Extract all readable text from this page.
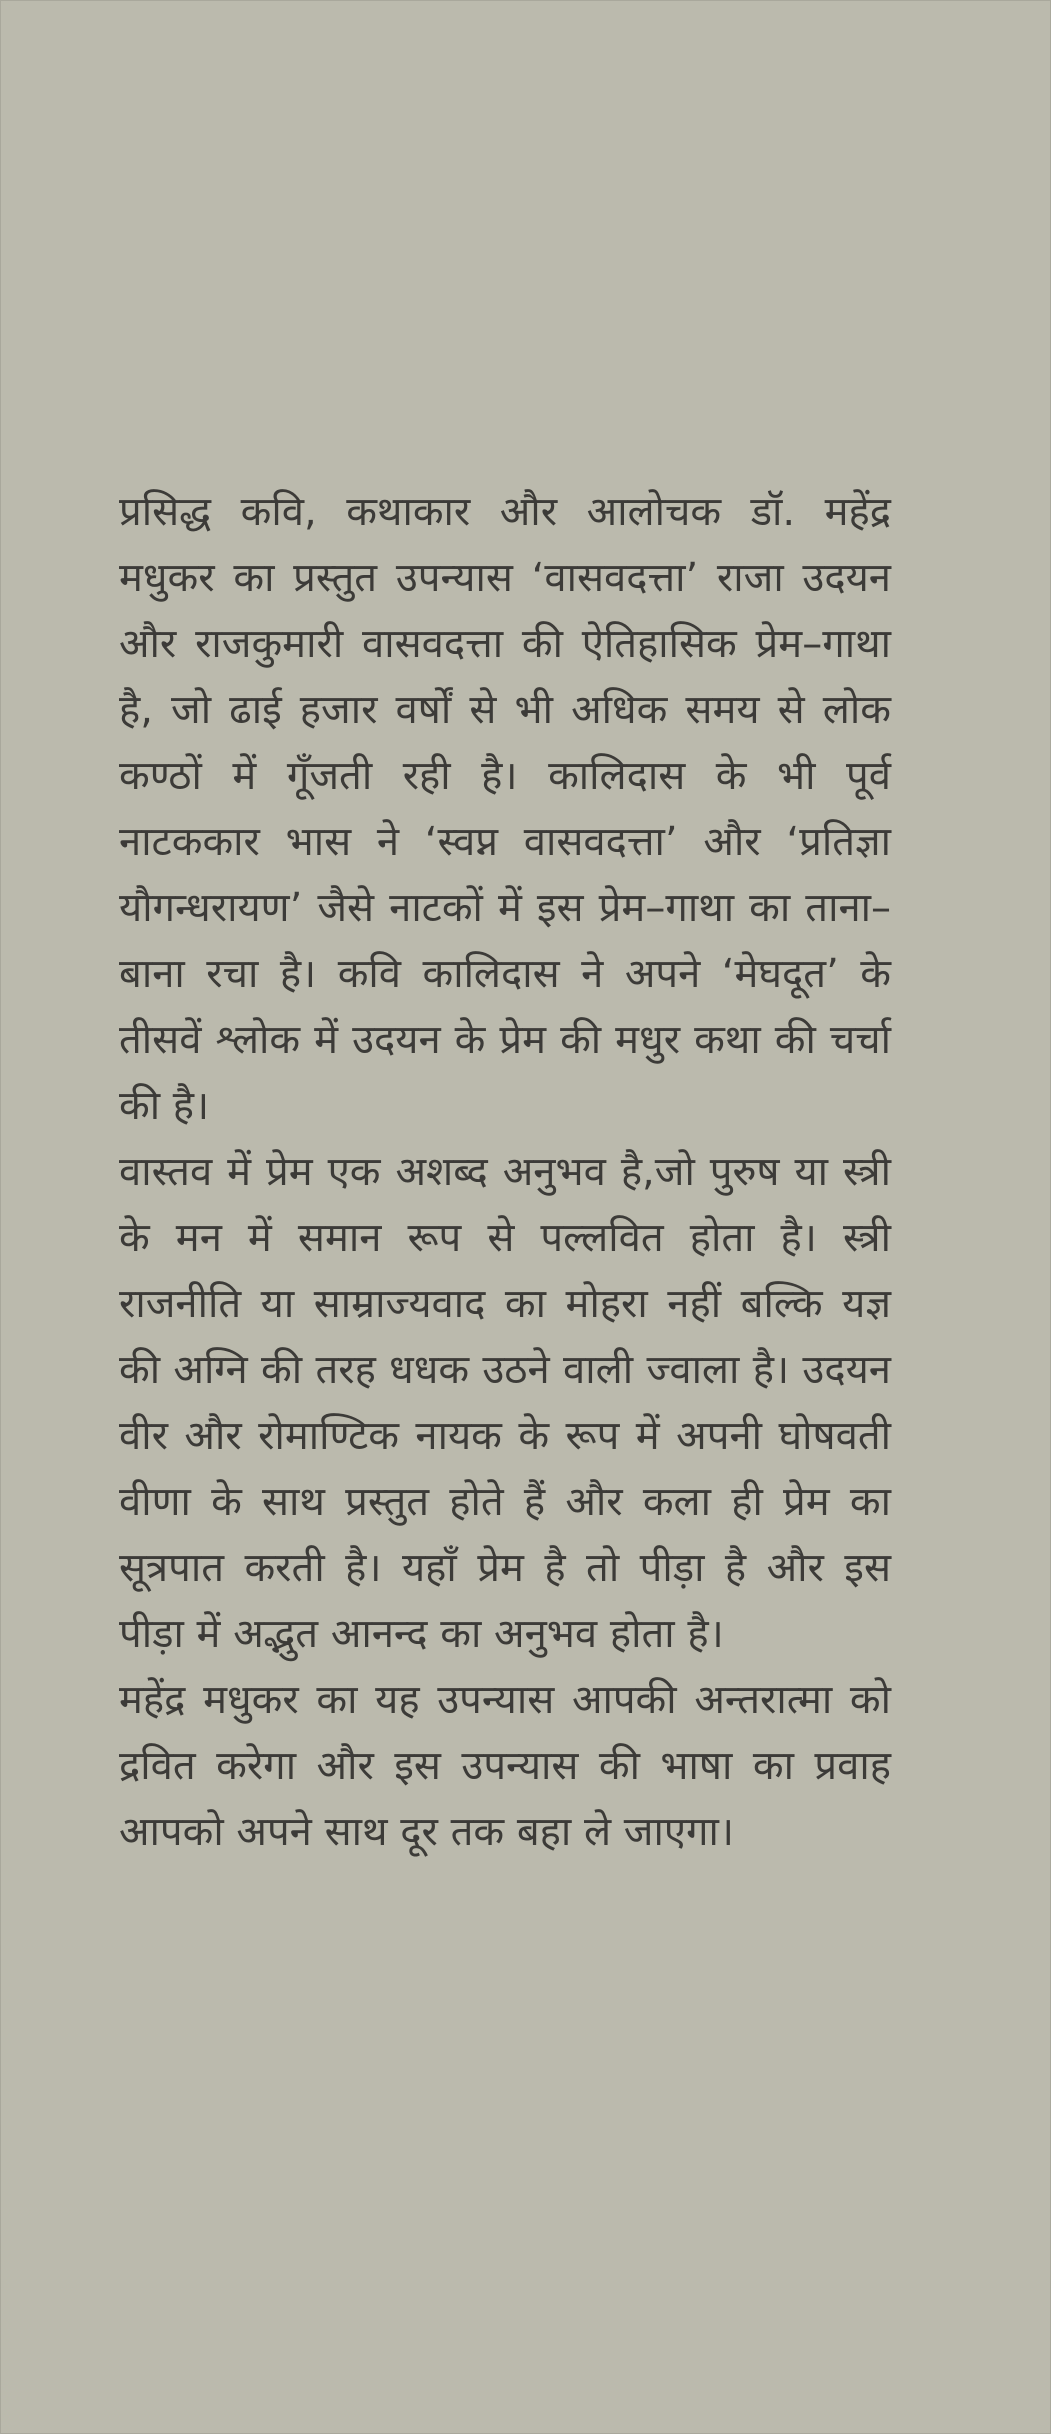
प्रसिद्ध कवि, कथाकार और आलोचक डॉ. महेंद्र मधुकर का प्रस्तुत उपन्यास ‘वासवदत्ता’ राजा उदयन और राजकुमारी वासवदत्ता की ऐतिहासिक प्रेम–गाथा है, जो ढाई हजार वर्षों से भी अधिक समय से लोक कण्ठों में गूँजती रही है। कालिदास के भी पूर्व नाटककार भास ने ‘स्वप्न वासवदत्ता’ और ‘प्रतिज्ञा यौगन्धरायण’ जैसे नाटकों में इस प्रेम–गाथा का ताना–बाना रचा है। कवि कालिदास ने अपने ‘मेघदूत’ के तीसवें श्लोक में उदयन के प्रेम की मधुर कथा की चर्चा की है।

वास्तव में प्रेम एक अशब्द अनुभव है,जो पुरुष या स्त्री के मन में समान रूप से पल्लवित होता है। स्त्री राजनीति या साम्राज्यवाद का मोहरा नहीं बल्कि यज्ञ की अग्नि की तरह धधक उठने वाली ज्वाला है। उदयन वीर और रोमाण्टिक नायक के रूप में अपनी घोषवती वीणा के साथ प्रस्तुत होते हैं और कला ही प्रेम का सूत्रपात करती है। यहाँ प्रेम है तो पीड़ा है और इस पीड़ा में अद्भुत आनन्द का अनुभव होता है।

महेंद्र मधुकर का यह उपन्यास आपकी अन्तरात्मा को द्रवित करेगा और इस उपन्यास की भाषा का प्रवाह आपको अपने साथ दूर तक बहा ले जाएगा।
